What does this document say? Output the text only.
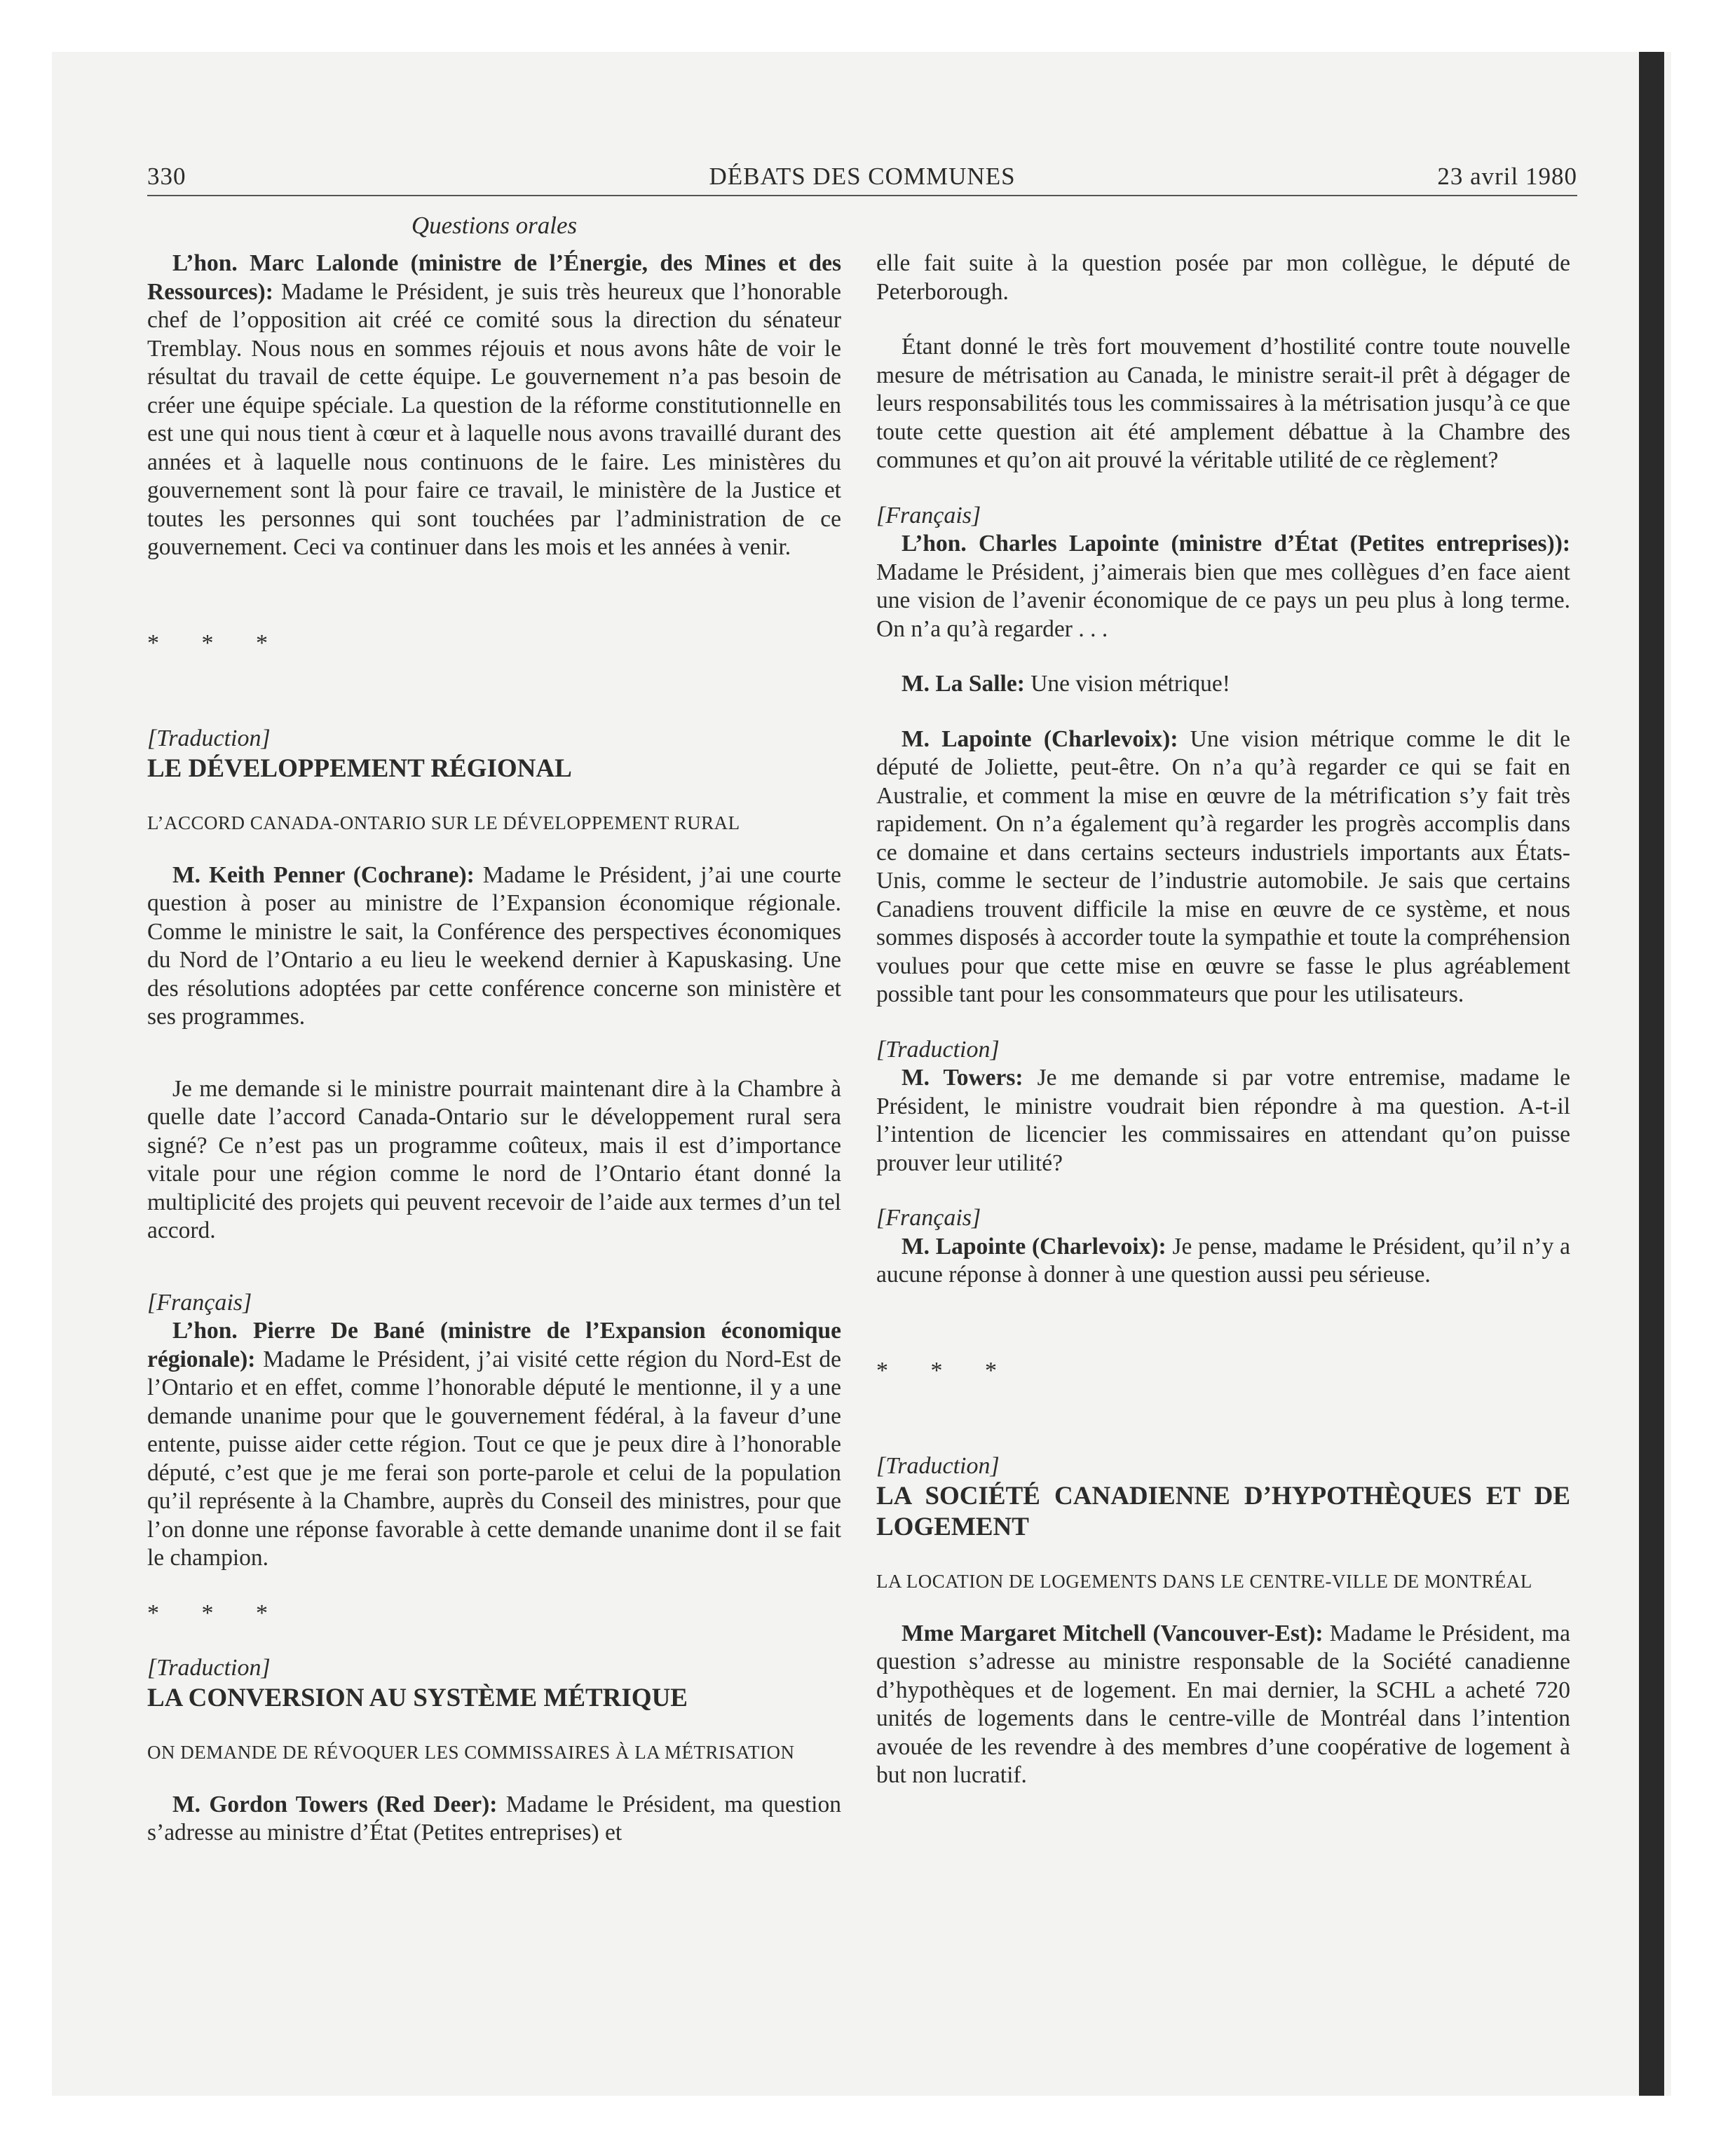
330	DÉBATS DES COMMUNES	23 avril 1980
Questions orales

L’hon. Marc Lalonde (ministre de l’Énergie, des Mines et des Ressources): Madame le Président, je suis très heureux que l’honorable chef de l’opposition ait créé ce comité sous la direction du sénateur Tremblay. Nous nous en sommes réjouis et nous avons hâte de voir le résultat du travail de cette équipe. Le gouvernement n’a pas besoin de créer une équipe spéciale. La question de la réforme constitutionnelle en est une qui nous tient à cœur et à laquelle nous avons travaillé durant des années et à laquelle nous continuons de le faire. Les ministères du gouvernement sont là pour faire ce travail, le ministère de la Justice et toutes les personnes qui sont touchées par l’administration de ce gouvernement. Ceci va continuer dans les mois et les années à venir.

* * *

[Traduction]

LE DÉVELOPPEMENT RÉGIONAL

L’ACCORD CANADA-ONTARIO SUR LE DÉVELOPPEMENT RURAL

M. Keith Penner (Cochrane): Madame le Président, j’ai une courte question à poser au ministre de l’Expansion économique régionale. Comme le ministre le sait, la Conférence des perspectives économiques du Nord de l’Ontario a eu lieu le weekend dernier à Kapuskasing. Une des résolutions adoptées par cette conférence concerne son ministère et ses programmes.

Je me demande si le ministre pourrait maintenant dire à la Chambre à quelle date l’accord Canada-Ontario sur le développement rural sera signé? Ce n’est pas un programme coûteux, mais il est d’importance vitale pour une région comme le nord de l’Ontario étant donné la multiplicité des projets qui peuvent recevoir de l’aide aux termes d’un tel accord.

[Français]

L’hon. Pierre De Bané (ministre de l’Expansion économique régionale): Madame le Président, j’ai visité cette région du Nord-Est de l’Ontario et en effet, comme l’honorable député le mentionne, il y a une demande unanime pour que le gouvernement fédéral, à la faveur d’une entente, puisse aider cette région. Tout ce que je peux dire à l’honorable député, c’est que je me ferai son porte-parole et celui de la population qu’il représente à la Chambre, auprès du Conseil des ministres, pour que l’on donne une réponse favorable à cette demande unanime dont il se fait le champion.

* * *

[Traduction]

LA CONVERSION AU SYSTÈME MÉTRIQUE

ON DEMANDE DE RÉVOQUER LES COMMISSAIRES À LA MÉTRISATION

M. Gordon Towers (Red Deer): Madame le Président, ma question s’adresse au ministre d’État (Petites entreprises) et

elle fait suite à la question posée par mon collègue, le député de Peterborough.

Étant donné le très fort mouvement d’hostilité contre toute nouvelle mesure de métrisation au Canada, le ministre serait-il prêt à dégager de leurs responsabilités tous les commissaires à la métrisation jusqu’à ce que toute cette question ait été amplement débattue à la Chambre des communes et qu’on ait prouvé la véritable utilité de ce règlement?

[Français]

L’hon. Charles Lapointe (ministre d’État (Petites entreprises)): Madame le Président, j’aimerais bien que mes collègues d’en face aient une vision de l’avenir économique de ce pays un peu plus à long terme. On n’a qu’à regarder . . .

M. La Salle: Une vision métrique!

M. Lapointe (Charlevoix): Une vision métrique comme le dit le député de Joliette, peut-être. On n’a qu’à regarder ce qui se fait en Australie, et comment la mise en œuvre de la métrification s’y fait très rapidement. On n’a également qu’à regarder les progrès accomplis dans ce domaine et dans certains secteurs industriels importants aux États-Unis, comme le secteur de l’industrie automobile. Je sais que certains Canadiens trouvent difficile la mise en œuvre de ce système, et nous sommes disposés à accorder toute la sympathie et toute la compréhension voulues pour que cette mise en œuvre se fasse le plus agréablement possible tant pour les consommateurs que pour les utilisateurs.

[Traduction]

M. Towers: Je me demande si par votre entremise, madame le Président, le ministre voudrait bien répondre à ma question. A-t-il l’intention de licencier les commissaires en attendant qu’on puisse prouver leur utilité?

[Français]

M. Lapointe (Charlevoix): Je pense, madame le Président, qu’il n’y a aucune réponse à donner à une question aussi peu sérieuse.

* * *

[Traduction]

LA SOCIÉTÉ CANADIENNE D’HYPOTHÈQUES ET DE LOGEMENT

LA LOCATION DE LOGEMENTS DANS LE CENTRE-VILLE DE MONTRÉAL

Mme Margaret Mitchell (Vancouver-Est): Madame le Président, ma question s’adresse au ministre responsable de la Société canadienne d’hypothèques et de logement. En mai dernier, la SCHL a acheté 720 unités de logements dans le centre-ville de Montréal dans l’intention avouée de les revendre à des membres d’une coopérative de logement à but non lucratif.
